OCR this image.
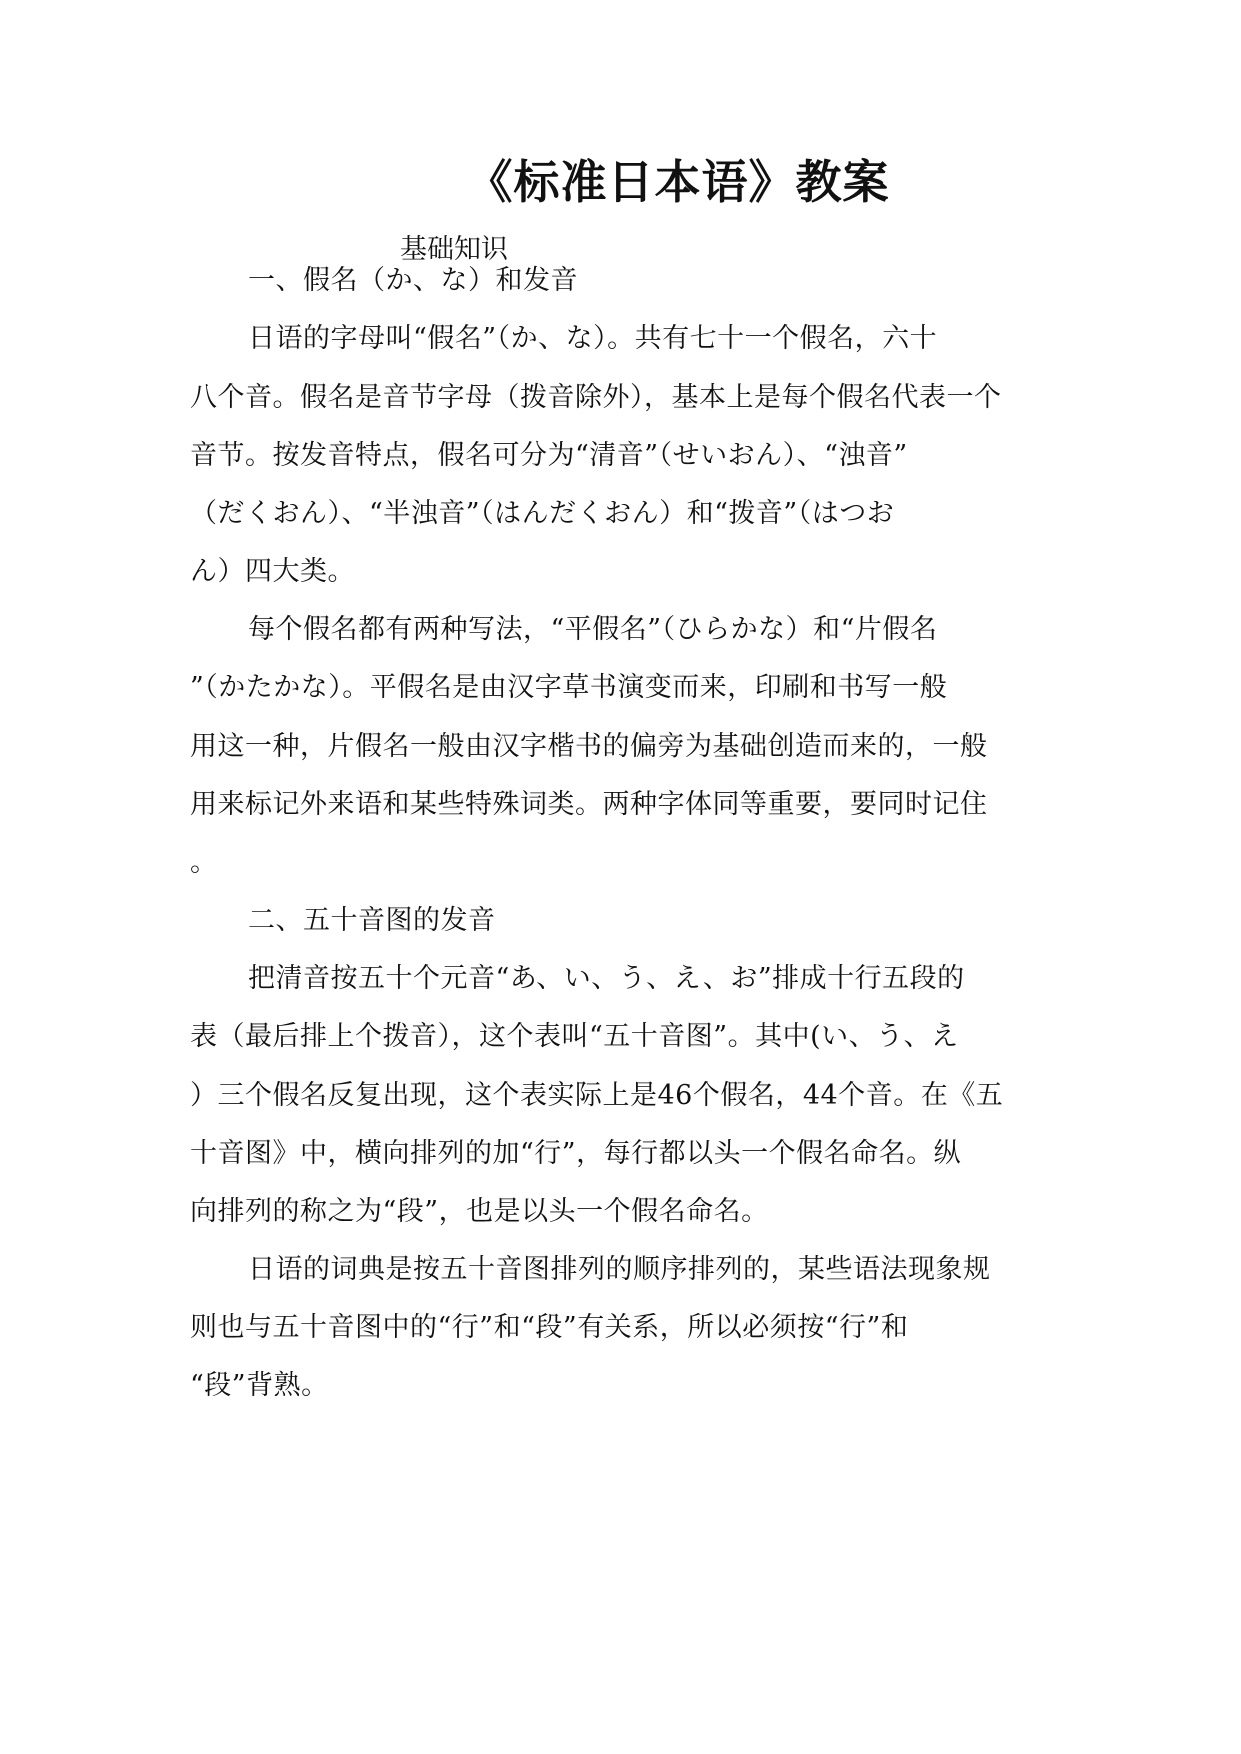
《标准日本语》教案
基础知识
一、假名（か、な）和发音
日语的字母叫“假名”（か、な）。共有七十一个假名，六十
八个音。假名是音节字母（拨音除外），基本上是每个假名代表一个
音节。按发音特点，假名可分为“清音”（せいおん）、“浊音”
（だくおん）、“半浊音”（はんだくおん）和“拨音”（はつお
ん）四大类。
每个假名都有两种写法，“平假名”（ひらかな）和“片假名
”（かたかな）。平假名是由汉字草书演变而来，印刷和书写一般
用这一种，片假名一般由汉字楷书的偏旁为基础创造而来的，一般
用来标记外来语和某些特殊词类。两种字体同等重要，要同时记住
。
二、五十音图的发音
把清音按五十个元音“あ、い、う、え、お”排成十行五段的
表（最后排上个拨音），这个表叫“五十音图”。其中(い、う、え
）三个假名反复出现，这个表实际上是46个假名，44个音。在《五
十音图》中，横向排列的加“行”，每行都以头一个假名命名。纵
向排列的称之为“段”，也是以头一个假名命名。
日语的词典是按五十音图排列的顺序排列的，某些语法现象规
则也与五十音图中的“行”和“段”有关系，所以必须按“行”和
“段”背熟。
